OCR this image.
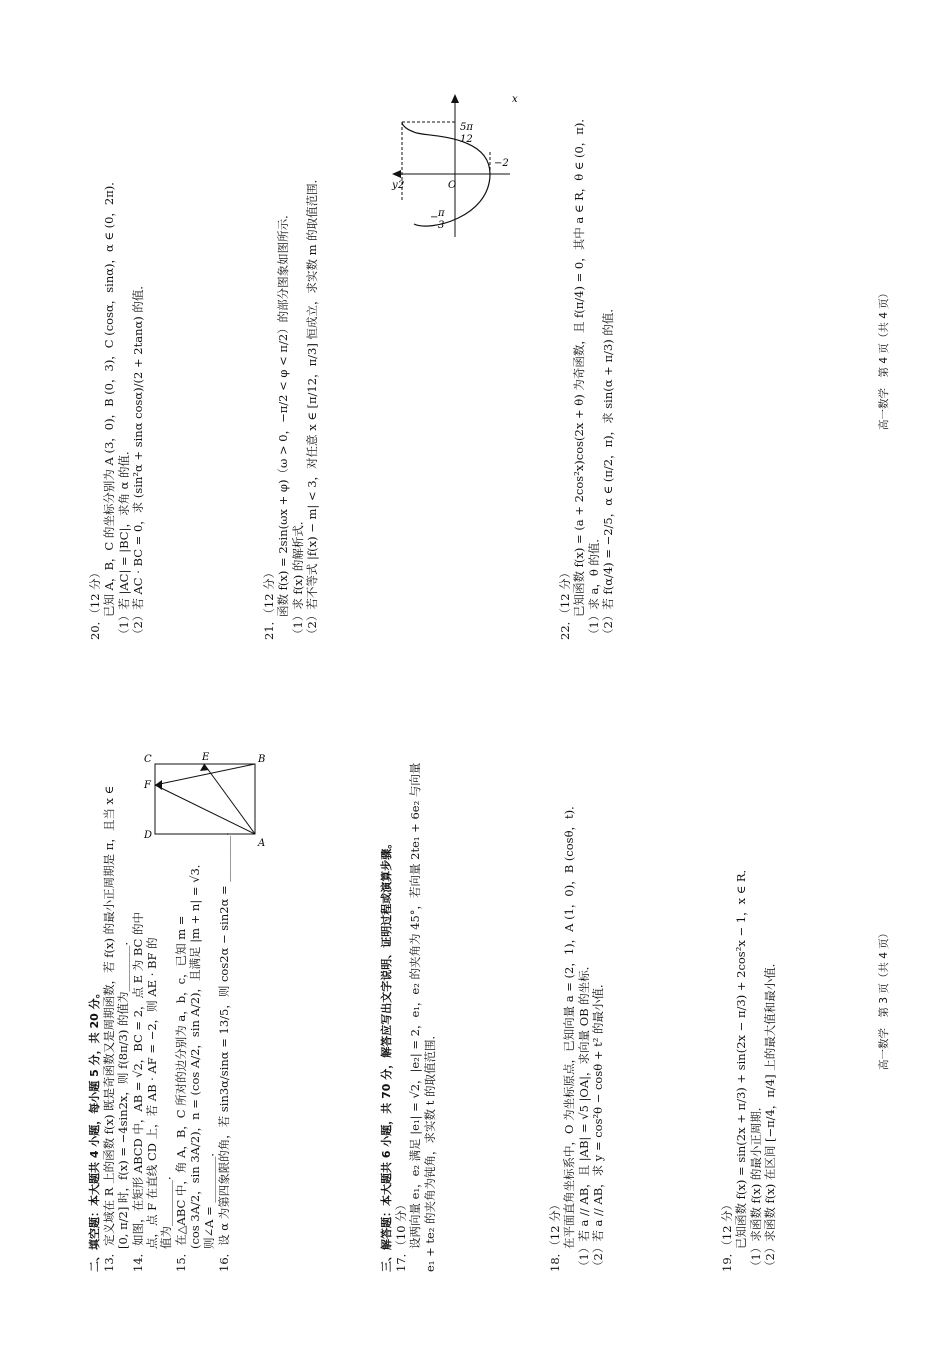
二、填空题：本大题共 4 小题，每小题 5 分，共 20 分。 13．定义域在 R 上的函数 f(x) 既是奇函数又是周期函数，若 f(x) 的最小正周期是 π，且当 x ∈ 　　[0, π/2] 时，f(x) = −4sin2x，则 f(8π/3) 的值为________． 14．如图，在矩形 ABCD 中，AB = √2，BC = 2，点 E 为 BC 的中 　　点，点 F 在直线 CD 上，若 AB · AF = −2，则 AE · BF 的 　　值为________． 15．在△ABC 中，角 A，B，C 所对的边分别为 a，b，c，已知 m = 　　(cos 3A/2，sin 3A/2)，n = (cos A/2，sin A/2)，且满足 |m + n| = √3． 　　则∠A = ________． 16．设 α 为第四象限的角，若 sin3α/sinα = 13/5，则 cos2α − sin2α = ________．	三、解答题：本大题共 6 小题，共 70 分，解答应写出文字说明、证明过程或演算步骤。 17．（10 分） 　　设两向量 e₁，e₂ 满足 |e₁| = √2，|e₂| = 2，e₁，e₂ 的夹角为 45°，若向量 2te₁ + 6e₂ 与向量 e₁ + te₂ 的夹角为钝角，求实数 t 的取值范围．	18．（12 分） 　　在平面直角坐标系中，O 为坐标原点，已知向量 a = (2，1)，A (1，0)，B (cosθ，t)． （1）若 a // AB，且 |AB| = √5 |OA|，求向量 OB 的坐标． （2）若 a // AB，求 y = cos²θ − cosθ + t² 的最小值．	19．（12 分） 　　已知函数 f(x) = sin(2x + π/3) + sin(2x − π/3) + 2cos²x − 1，x ∈ R． （1）求函数 f(x) 的最小正周期． （2）求函数 f(x) 在区间 [−π/4，π/4] 上的最大值和最小值．	高一数学　第 3 页（共 4 页）
D
F
C	E	B
A
20．（12 分） 　　已知 A，B，C 的坐标分别为 A (3，0)，B (0，3)，C (cosα，sinα)，α ∈ (0，2π)． （1）若 |AC| = |BC|，求角 α 的值． （2）若 AC · BC = 0，求 (sin²α + sinα cosα)/(2 + 2tanα) 的值．	21．（12 分） 　　函数 f(x) = 2sin(ωx + φ)（ω > 0，−π/2 < φ < π/2）的部分图象如图所示． （1）求 f(x) 的解析式． （2）若不等式 |f(x) − m| < 3，对任意 x ∈ [π/12，π/3] 恒成立，求实数 m 的取值范围．	22．（12 分） 　　已知函数 f(x) = (a + 2cos²x)cos(2x + θ) 为奇函数，且 f(π/4) = 0，其中 a ∈ R，θ ∈ (0，π)． （1）求 a，θ 的值． （2）若 f(α/4) = −2/5，α ∈ (π/2，π)，求 sin(α + π/3) 的值．	高一数学　第 4 页（共 4 页）
x
y	O
2
−2
− π
3
5π
12
